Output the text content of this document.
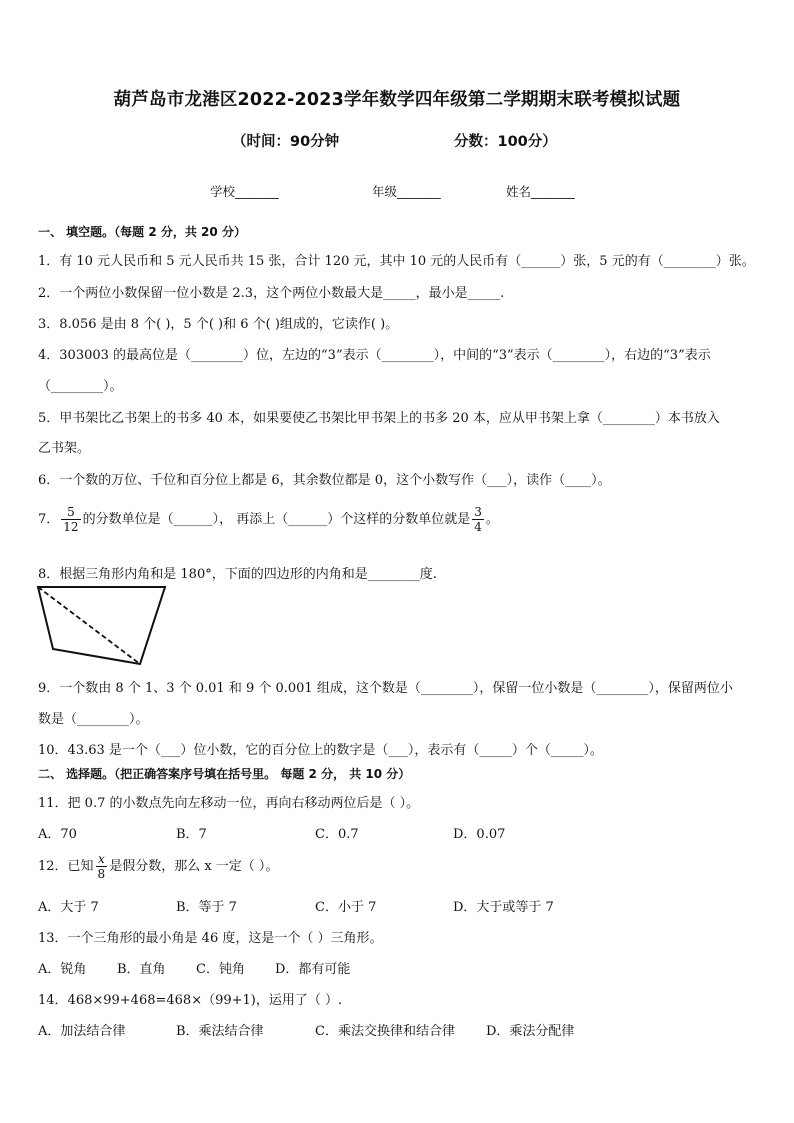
葫芦岛市龙港区2022-2023学年数学四年级第二学期期末联考模拟试题
（时间：90分钟	分数：100分）
学校_______	年级_______	姓名_______
一、 填空题。（每题 2 分，共 20 分）
1．有 10 元人民币和 5 元人民币共 15 张，合计 120 元，其中 10 元的人民币有（______）张，5 元的有（________）张。
2．一个两位小数保留一位小数是 2.3，这个两位小数最大是_____，最小是_____.
3．8.056 是由 8 个( )，5 个( )和 6 个( )组成的，它读作( )。
4．303003 的最高位是（________）位，左边的“3”表示（________），中间的“3”表示（________），右边的“3”表示
（________）。
5．甲书架比乙书架上的书多 40 本，如果要使乙书架比甲书架上的书多 20 本，应从甲书架上拿（________）本书放入
乙书架。
6．一个数的万位、千位和百分位上都是 6，其余数位都是 0，这个小数写作（___），读作（____）。
7． $\frac{5}{12}$ 的分数单位是（______）， 再添上（______）个这样的分数单位就是 $\frac{3}{4}$ 。
8．根据三角形内角和是 180°，下面的四边形的内角和是________度.
9．一个数由 8 个 1、3 个 0.01 和 9 个 0.001 组成，这个数是（________），保留一位小数是（________），保留两位小
数是（________）。
10．43.63 是一个（___）位小数，它的百分位上的数字是（___），表示有（_____）个（_____）。
二、 选择题。（把正确答案序号填在括号里。 每题 2 分， 共 10 分）
11．把 0.7 的小数点先向左移动一位，再向右移动两位后是（ ）。
A．70	B．7	C．0.7	D．0.07
12．已知 $\frac{x}{8}$ 是假分数，那么 x 一定（ ）。
A．大于 7	B．等于 7	C．小于 7	D．大于或等于 7
13．一个三角形的最小角是 46 度，这是一个（ ）三角形。
A．锐角 B．直角 C．钝角 D．都有可能
14．468×99+468=468×（99+1)，运用了（ ）.
A．加法结合律	B．乘法结合律	C．乘法交换律和结合律 D．乘法分配律
